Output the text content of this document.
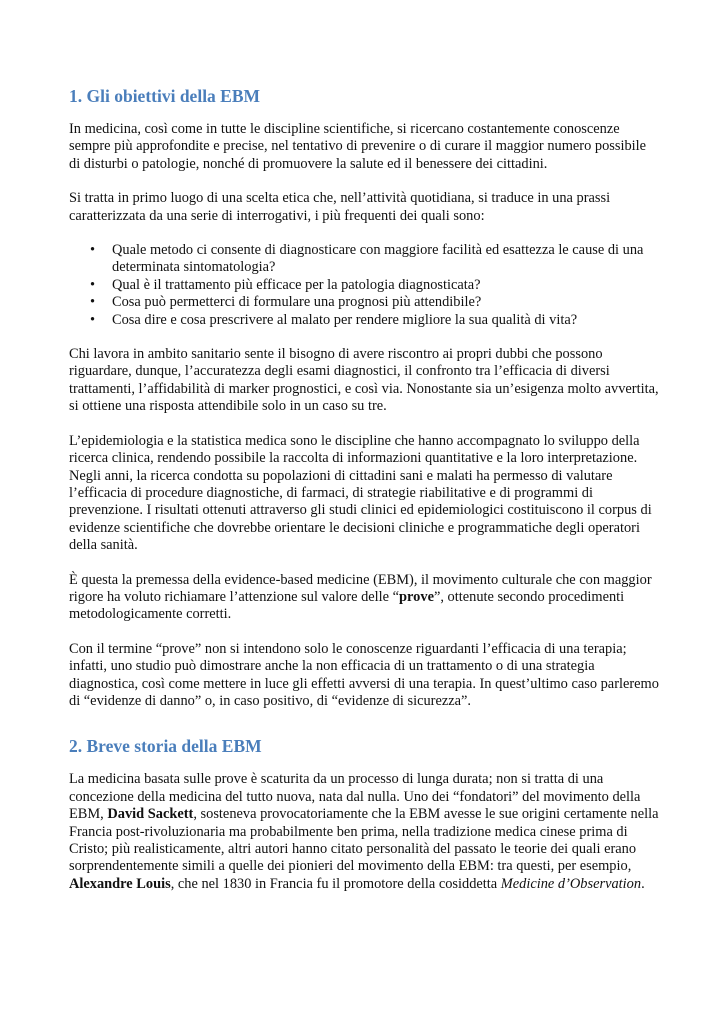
1. Gli obiettivi della EBM

In medicina, così come in tutte le discipline scientifiche, si ricercano costantemente conoscenze sempre più approfondite e precise, nel tentativo di prevenire o di curare il maggior numero possibile di disturbi o patologie, nonché di promuovere la salute ed il benessere dei cittadini.

Si tratta in primo luogo di una scelta etica che, nell’attività quotidiana, si traduce in una prassi caratterizzata da una serie di interrogativi, i più frequenti dei quali sono:

• Quale metodo ci consente di diagnosticare con maggiore facilità ed esattezza le cause di una determinata sintomatologia?
• Qual è il trattamento più efficace per la patologia diagnosticata?
• Cosa può permetterci di formulare una prognosi più attendibile?
• Cosa dire e cosa prescrivere al malato per rendere migliore la sua qualità di vita?

Chi lavora in ambito sanitario sente il bisogno di avere riscontro ai propri dubbi che possono riguardare, dunque, l’accuratezza degli esami diagnostici, il confronto tra l’efficacia di diversi trattamenti, l’affidabilità di marker prognostici, e così via. Nonostante sia un’esigenza molto avvertita, si ottiene una risposta attendibile solo in un caso su tre.

L’epidemiologia e la statistica medica sono le discipline che hanno accompagnato lo sviluppo della ricerca clinica, rendendo possibile la raccolta di informazioni quantitative e la loro interpretazione. Negli anni, la ricerca condotta su popolazioni di cittadini sani e malati ha permesso di valutare l’efficacia di procedure diagnostiche, di farmaci, di strategie riabilitative e di programmi di prevenzione. I risultati ottenuti attraverso gli studi clinici ed epidemiologici costituiscono il corpus di evidenze scientifiche che dovrebbe orientare le decisioni cliniche e programmatiche degli operatori della sanità.

È questa la premessa della evidence-based medicine (EBM), il movimento culturale che con maggior rigore ha voluto richiamare l’attenzione sul valore delle “prove”, ottenute secondo procedimenti metodologicamente corretti.

Con il termine “prove” non si intendono solo le conoscenze riguardanti l’efficacia di una terapia; infatti, uno studio può dimostrare anche la non efficacia di un trattamento o di una strategia diagnostica, così come mettere in luce gli effetti avversi di una terapia. In quest’ultimo caso parleremo di “evidenze di danno” o, in caso positivo, di “evidenze di sicurezza”.

2. Breve storia della EBM

La medicina basata sulle prove è scaturita da un processo di lunga durata; non si tratta di una concezione della medicina del tutto nuova, nata dal nulla. Uno dei “fondatori” del movimento della EBM, David Sackett, sosteneva provocatoriamente che la EBM avesse le sue origini certamente nella Francia post-rivoluzionaria ma probabilmente ben prima, nella tradizione medica cinese prima di Cristo; più realisticamente, altri autori hanno citato personalità del passato le teorie dei quali erano sorprendentemente simili a quelle dei pionieri del movimento della EBM: tra questi, per esempio, Alexandre Louis, che nel 1830 in Francia fu il promotore della cosiddetta Medicine d’Observation.
